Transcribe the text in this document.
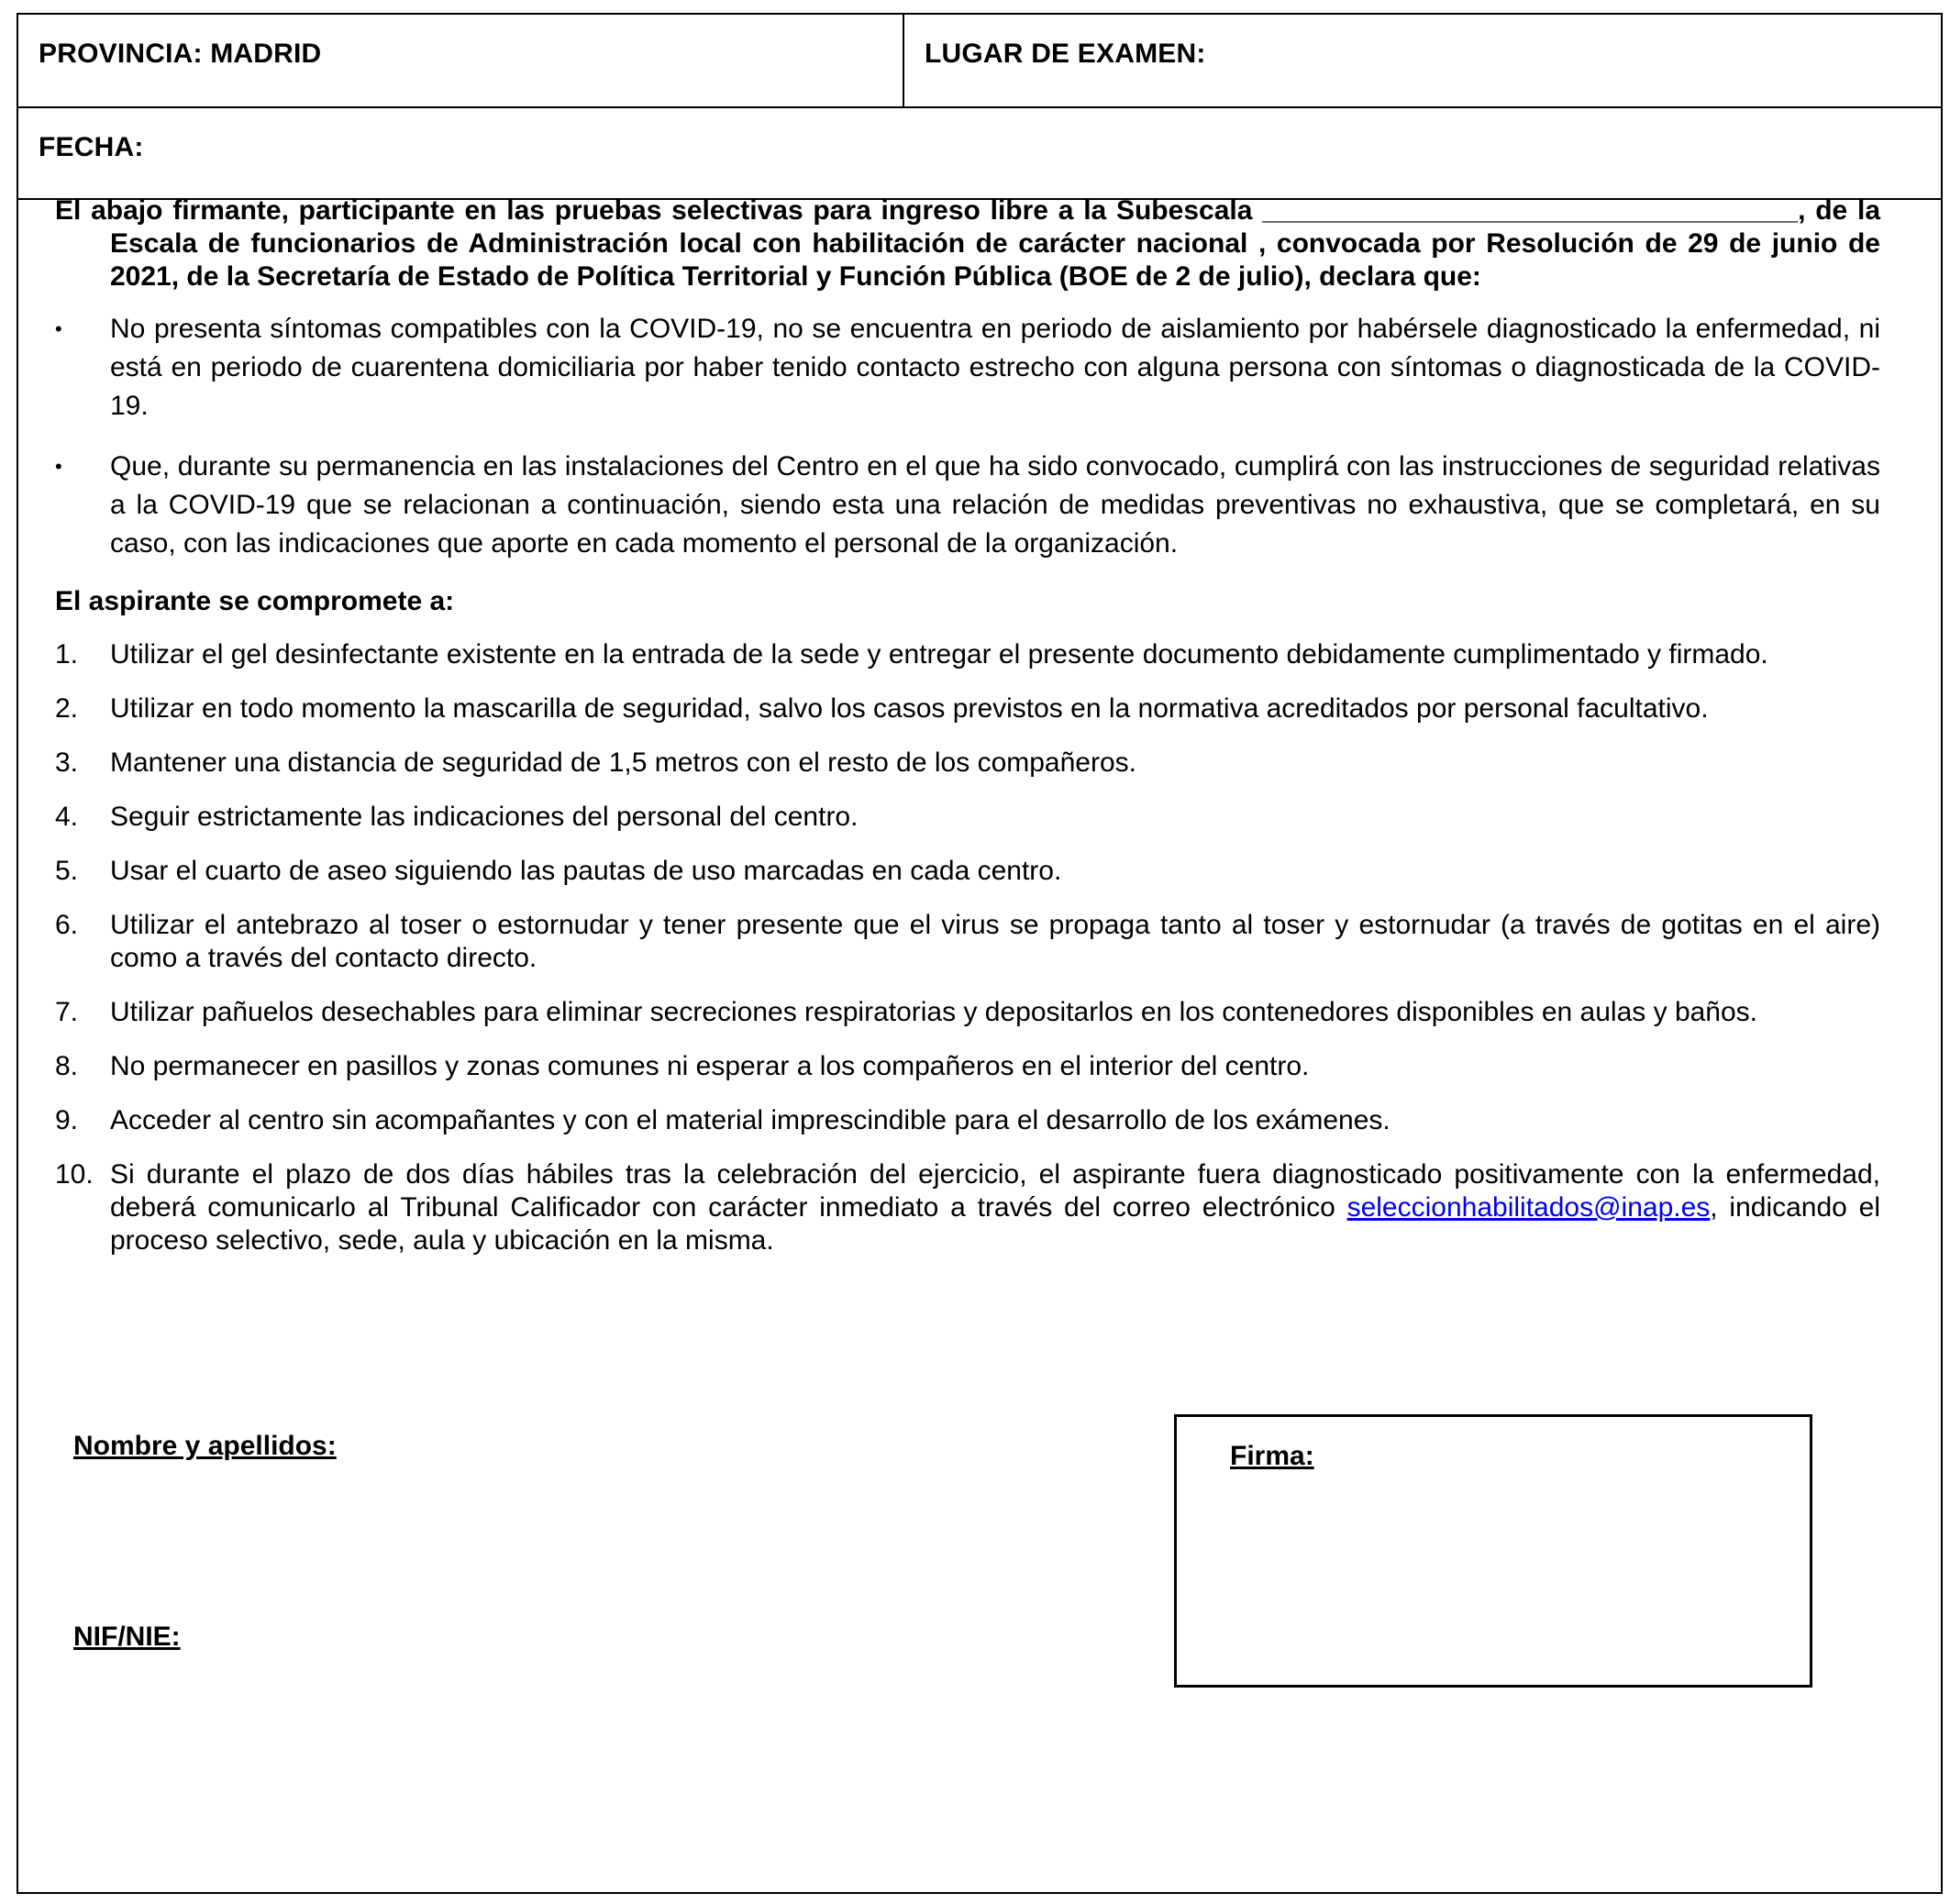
PROVINCIA: MADRID	LUGAR DE EXAMEN:
FECHA:

El abajo firmante, participante en las pruebas selectivas para ingreso libre a la Subescala ___________________________________, de la Escala de funcionarios de Administración local con habilitación de carácter nacional , convocada por Resolución de 29 de junio de 2021, de la Secretaría de Estado de Política Territorial y Función Pública (BOE de 2 de julio), declara que:

• No presenta síntomas compatibles con la COVID-19, no se encuentra en periodo de aislamiento por habérsele diagnosticado la enfermedad, ni está en periodo de cuarentena domiciliaria por haber tenido contacto estrecho con alguna persona con síntomas o diagnosticada de la COVID-19.
• Que, durante su permanencia en las instalaciones del Centro en el que ha sido convocado, cumplirá con las instrucciones de seguridad relativas a la COVID-19 que se relacionan a continuación, siendo esta una relación de medidas preventivas no exhaustiva, que se completará, en su caso, con las indicaciones que aporte en cada momento el personal de la organización.

El aspirante se compromete a:

1. Utilizar el gel desinfectante existente en la entrada de la sede y entregar el presente documento debidamente cumplimentado y firmado.
2. Utilizar en todo momento la mascarilla de seguridad, salvo los casos previstos en la normativa acreditados por personal facultativo.
3. Mantener una distancia de seguridad de 1,5 metros con el resto de los compañeros.
4. Seguir estrictamente las indicaciones del personal del centro.
5. Usar el cuarto de aseo siguiendo las pautas de uso marcadas en cada centro.
6. Utilizar el antebrazo al toser o estornudar y tener presente que el virus se propaga tanto al toser y estornudar (a través de gotitas en el aire) como a través del contacto directo.
7. Utilizar pañuelos desechables para eliminar secreciones respiratorias y depositarlos en los contenedores disponibles en aulas y baños.
8. No permanecer en pasillos y zonas comunes ni esperar a los compañeros en el interior del centro.
9. Acceder al centro sin acompañantes y con el material imprescindible para el desarrollo de los exámenes.
10. Si durante el plazo de dos días hábiles tras la celebración del ejercicio, el aspirante fuera diagnosticado positivamente con la enfermedad, deberá comunicarlo al Tribunal Calificador con carácter inmediato a través del correo electrónico seleccionhabilitados@inap.es, indicando el proceso selectivo, sede, aula y ubicación en la misma.
Nombre y apellidos:
NIF/NIE:
Firma:
